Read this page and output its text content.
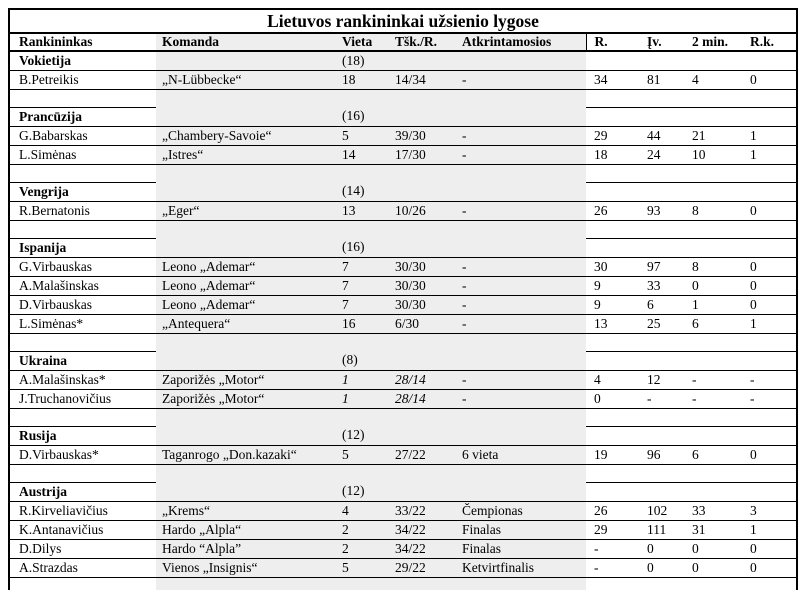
Lietuvos rankininkai užsienio lygose								
Rankininkas	Komanda	Vieta	Tšk./R.	Atkrintamosios	R.	Įv.	2 min.	R.k.
Vokietija		(18)						
B.Petreikis	„N-Lübbecke“	18	14/34	-	34	81	4	0

Prancūzija		(16)						
G.Babarskas	„Chambery-Savoie“	5	39/30	-	29	44	21	1
L.Simėnas	„Istres“	14	17/30	-	18	24	10	1

Vengrija		(14)						
R.Bernatonis	„Eger“	13	10/26	-	26	93	8	0

Ispanija		(16)						
G.Virbauskas	Leono „Ademar“	7	30/30	-	30	97	8	0
A.Malašinskas	Leono „Ademar“	7	30/30	-	9	33	0	0
D.Virbauskas	Leono „Ademar“	7	30/30	-	9	6	1	0
L.Simėnas*	„Antequera“	16	6/30	-	13	25	6	1

Ukraina		(8)						
A.Malašinskas*	Zaporižės „Motor“	1	28/14	-	4	12	-	-
J.Truchanovičius	Zaporižės „Motor“	1	28/14	-	0	-	-	-

Rusija		(12)						
D.Virbauskas*	Taganrogo „Don.kazaki“	5	27/22	6 vieta	19	96	6	0

Austrija		(12)						
R.Kirveliavičius	„Krems“	4	33/22	Čempionas	26	102	33	3
K.Antanavičius	Hardo „Alpla“	2	34/22	Finalas	29	111	31	1
D.Dilys	Hardo “Alpla”	2	34/22	Finalas	-	0	0	0
A.Strazdas	Vienos „Insignis“	5	29/22	Ketvirtfinalis	-	0	0	0
